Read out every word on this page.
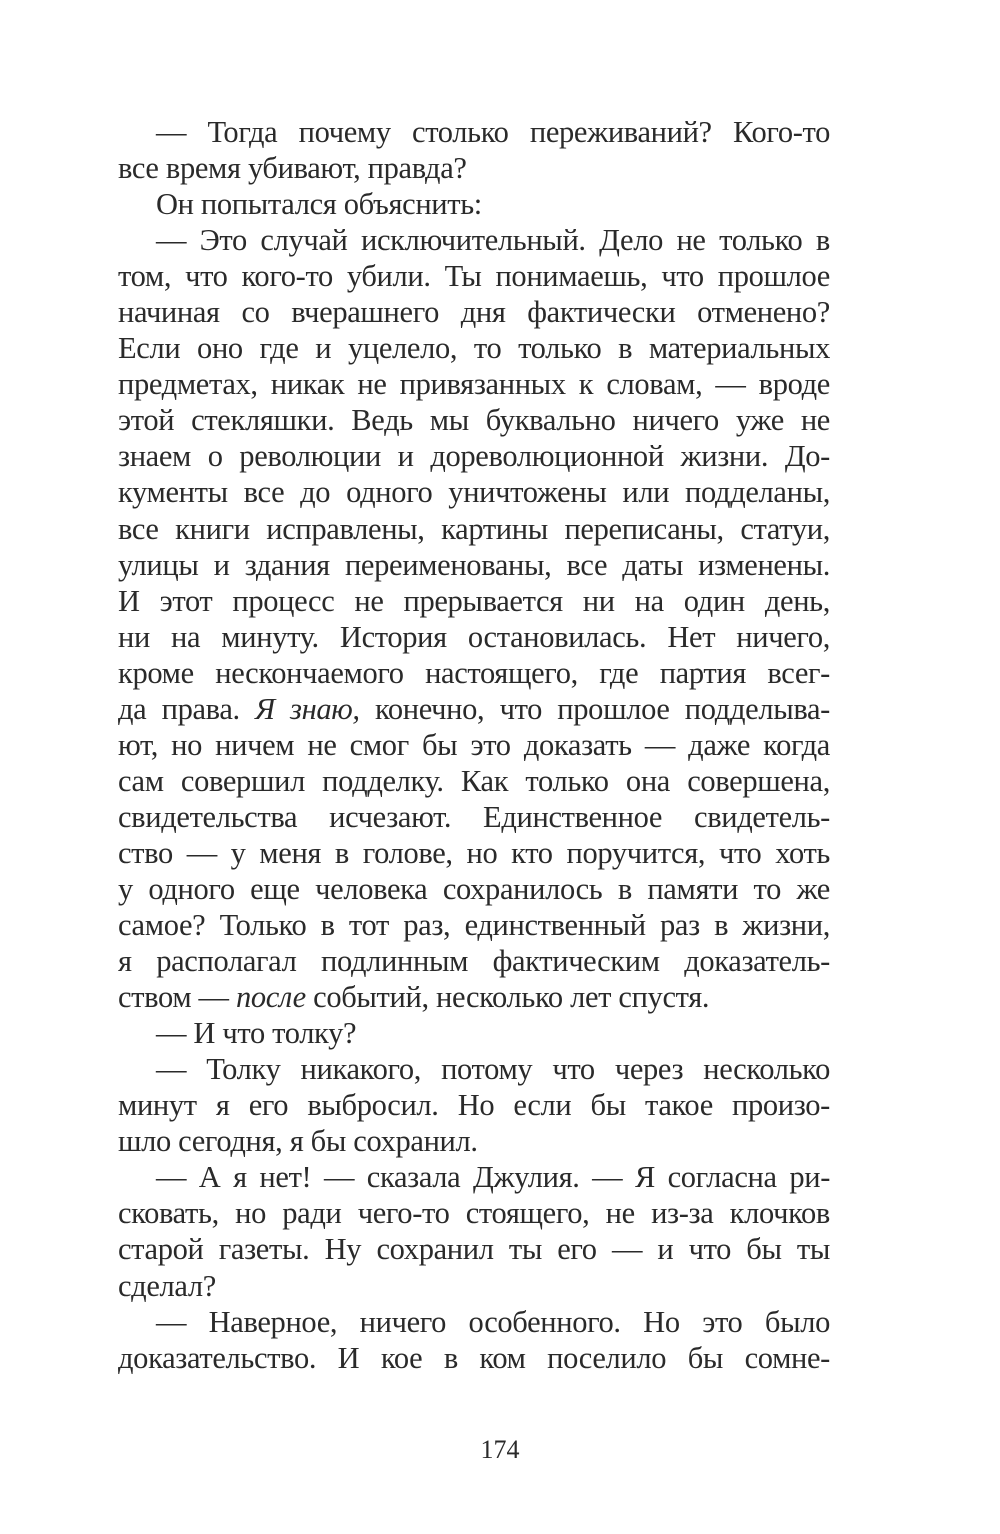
— Тогда почему столько переживаний? Кого-то
все время убивают, правда?
Он попытался объяснить:
— Это случай исключительный. Дело не только в
том, что кого-то убили. Ты понимаешь, что прошлое
начиная со вчерашнего дня фактически отменено?
Если оно где и уцелело, то только в материальных
предметах, никак не привязанных к словам, — вроде
этой стекляшки. Ведь мы буквально ничего уже не
знаем о революции и дореволюционной жизни. До-
кументы все до одного уничтожены или подделаны,
все книги исправлены, картины переписаны, статуи,
улицы и здания переименованы, все даты изменены.
И этот процесс не прерывается ни на один день,
ни на минуту. История остановилась. Нет ничего,
кроме нескончаемого настоящего, где партия всег-
да права. Я знаю, конечно, что прошлое подделыва-
ют, но ничем не смог бы это доказать — даже когда
сам совершил подделку. Как только она совершена,
свидетельства исчезают. Единственное свидетель-
ство — у меня в голове, но кто поручится, что хоть
у одного еще человека сохранилось в памяти то же
самое? Только в тот раз, единственный раз в жизни,
я располагал подлинным фактическим доказатель-
ством — после событий, несколько лет спустя.
— И что толку?
— Толку никакого, потому что через несколько
минут я его выбросил. Но если бы такое произо-
шло сегодня, я бы сохранил.
— А я нет! — сказала Джулия. — Я согласна ри-
сковать, но ради чего-то стоящего, не из-за клочков
старой газеты. Ну сохранил ты его — и что бы ты
сделал?
— Наверное, ничего особенного. Но это было
доказательство. И кое в ком поселило бы сомне-
174
